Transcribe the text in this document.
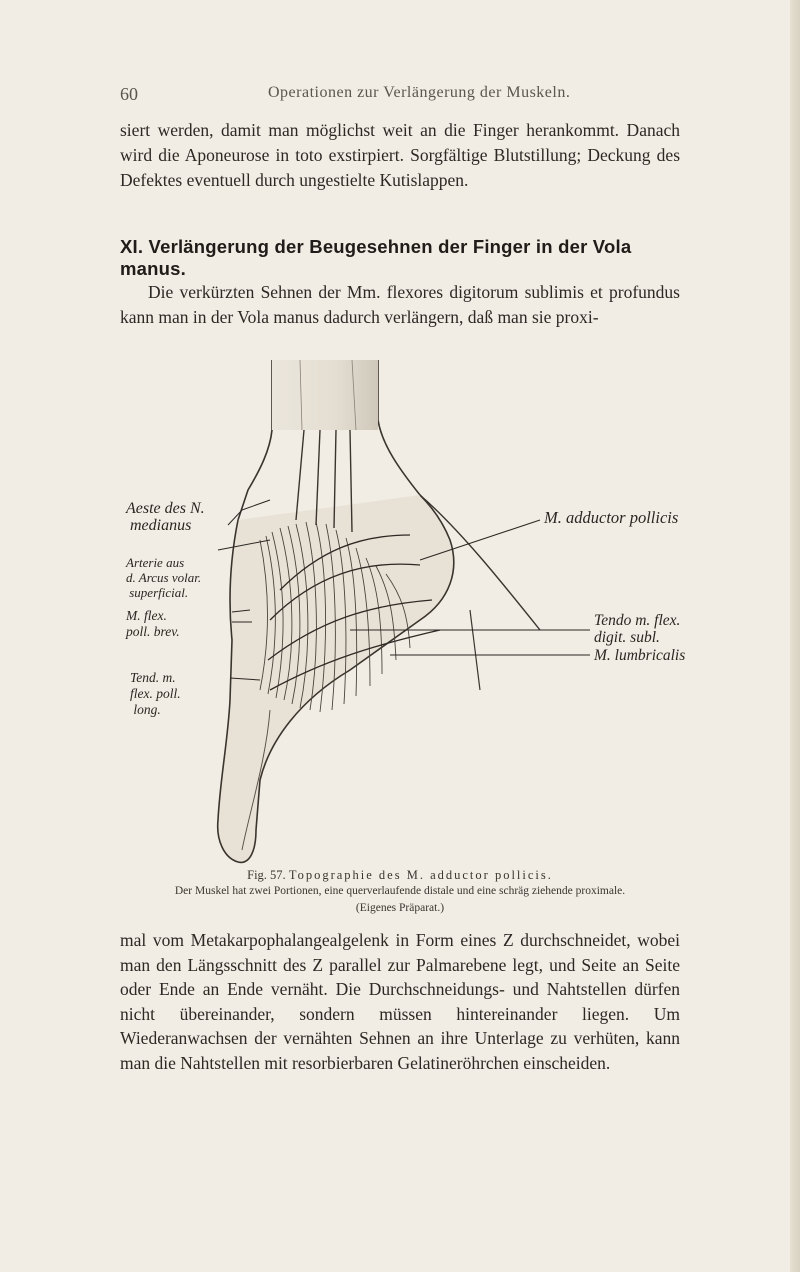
60	Operationen zur Verlängerung der Muskeln.

siert werden, damit man möglichst weit an die Finger herankommt. Danach wird die Aponeurose in toto exstirpiert. Sorgfältige Blutstillung; Deckung des Defektes eventuell durch ungestielte Kutislappen.

XI. Verlängerung der Beugesehnen der Finger in der Vola manus.

Die verkürzten Sehnen der Mm. flexores digitorum sublimis et profundus kann man in der Vola manus dadurch verlängern, daß man sie proxi-

Aeste des N.
medianus
Arterie aus
d. Arcus volar.
superficial.
M. flex.
poll. brev.
Tend. m.
flex. poll.
long.
M. adductor pollicis
Tendo m. flex.
digit. subl.
M. lumbricalis
Fig. 57. Topographie des M. adductor pollicis.
Der Muskel hat zwei Portionen, eine querverlaufende distale und eine schräg ziehende proximale.
(Eigenes Präparat.)

mal vom Metakarpophalangealgelenk in Form eines Z durchschneidet, wobei man den Längsschnitt des Z parallel zur Palmarebene legt, und Seite an Seite oder Ende an Ende vernäht. Die Durchschneidungs- und Nahtstellen dürfen nicht übereinander, sondern müssen hintereinander liegen. Um Wiederanwachsen der vernähten Sehnen an ihre Unterlage zu verhüten, kann man die Nahtstellen mit resorbierbaren Gelatineröhrchen einscheiden.
